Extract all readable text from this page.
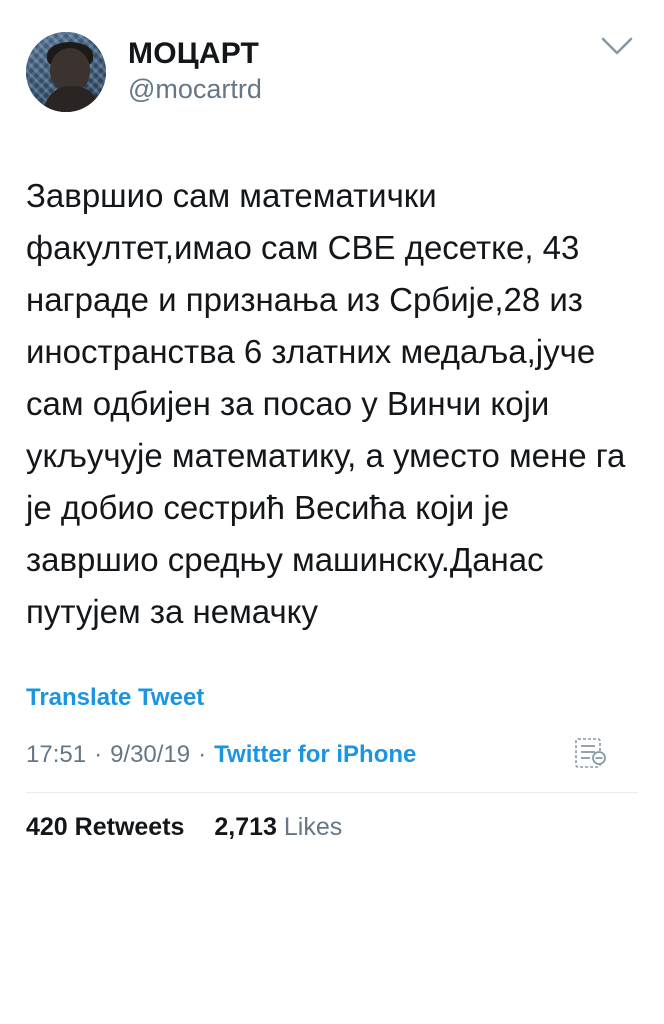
МОЦАРТ
@mocartrd
Завршио сам математички факултет,имао сам СВЕ десетке, 43 награде и признања из Србије,28 из иностранства 6 златних медаља,јуче сам одбијен за посао у Винчи који укључује математику, а уместо мене га је добио сестрић Весића који је завршио средњу машинску.Данас путујем за немачку
Translate Tweet
17:51 · 9/30/19 · Twitter for iPhone
420 Retweets 2,713 Likes
